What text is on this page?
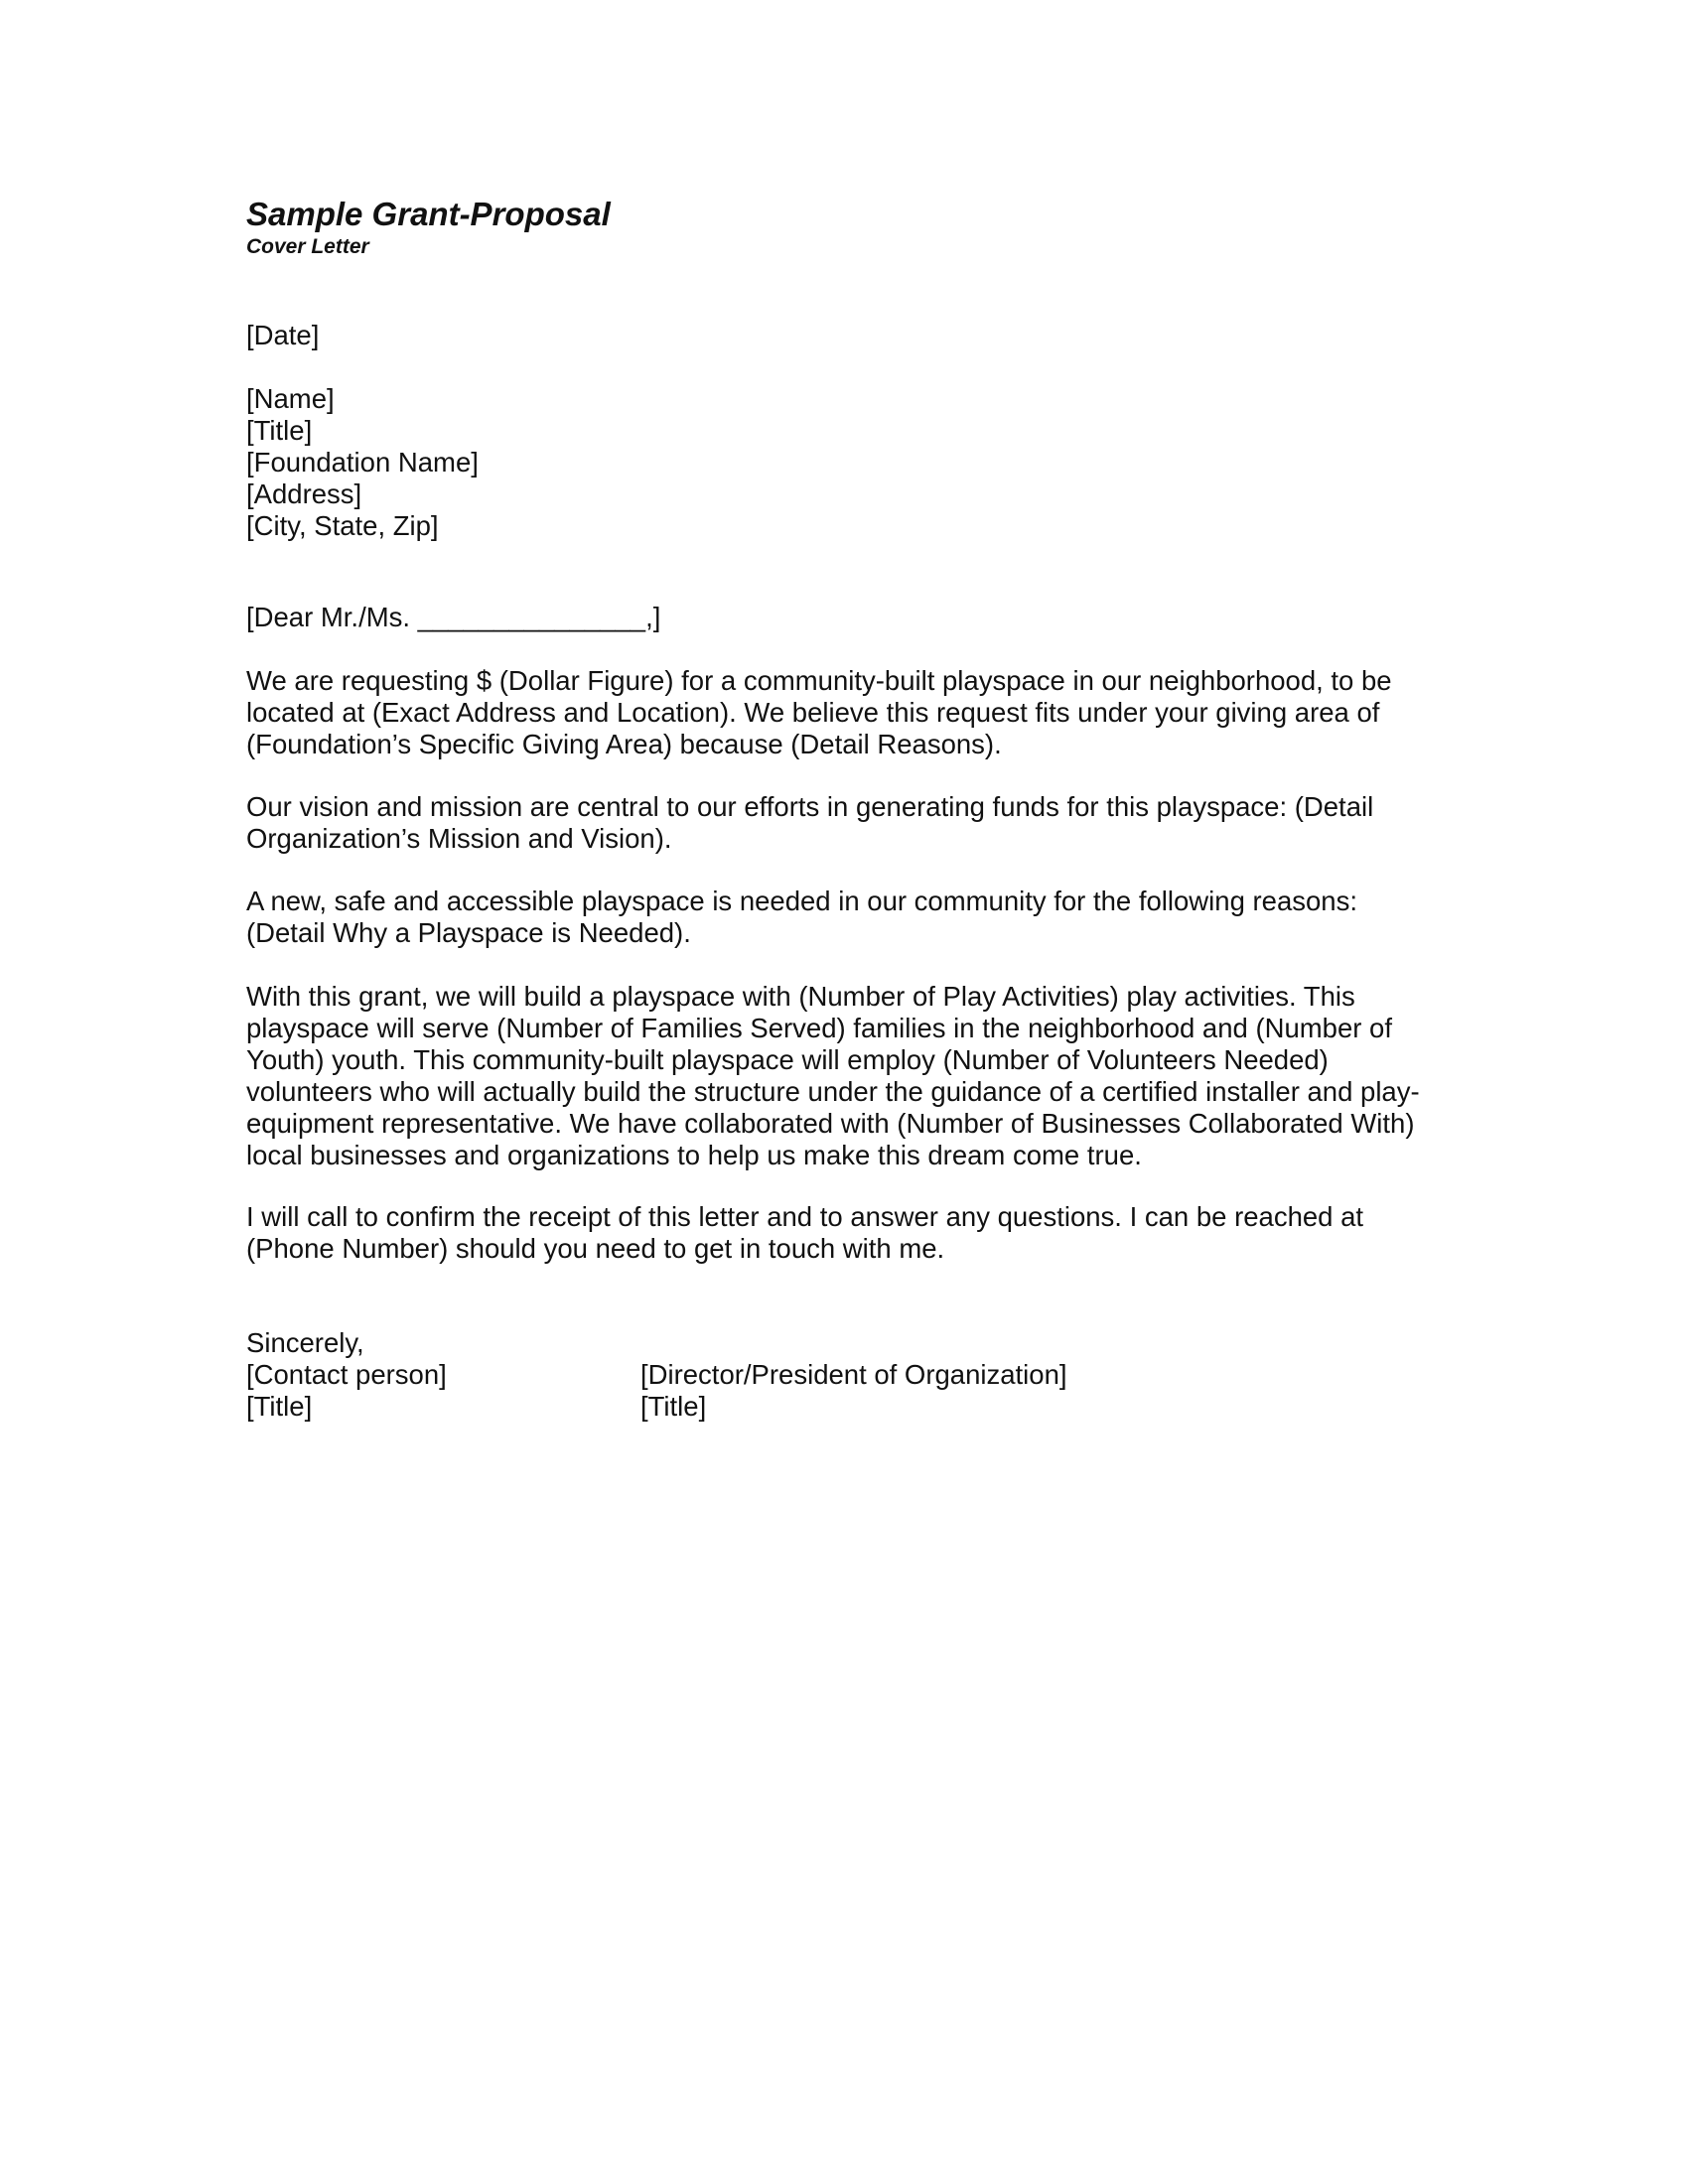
Sample Grant-Proposal
Cover Letter
[Date]
[Name]
[Title]
[Foundation Name]
[Address]
[City, State, Zip]
[Dear Mr./Ms. _______________,]
We are requesting $ (Dollar Figure) for a community-built playspace in our neighborhood, to be
located at (Exact Address and Location). We believe this request fits under your giving area of
(Foundation’s Specific Giving Area) because (Detail Reasons).
Our vision and mission are central to our efforts in generating funds for this playspace: (Detail
Organization’s Mission and Vision).
A new, safe and accessible playspace is needed in our community for the following reasons:
(Detail Why a Playspace is Needed).
With this grant, we will build a playspace with (Number of Play Activities) play activities. This
playspace will serve (Number of Families Served) families in the neighborhood and (Number of
Youth) youth. This community-built playspace will employ (Number of Volunteers Needed)
volunteers who will actually build the structure under the guidance of a certified installer and play-
equipment representative. We have collaborated with (Number of Businesses Collaborated With)
local businesses and organizations to help us make this dream come true.
I will call to confirm the receipt of this letter and to answer any questions. I can be reached at
(Phone Number) should you need to get in touch with me.
Sincerely,
[Contact person]
[Title]
[Director/President of Organization]
[Title]
